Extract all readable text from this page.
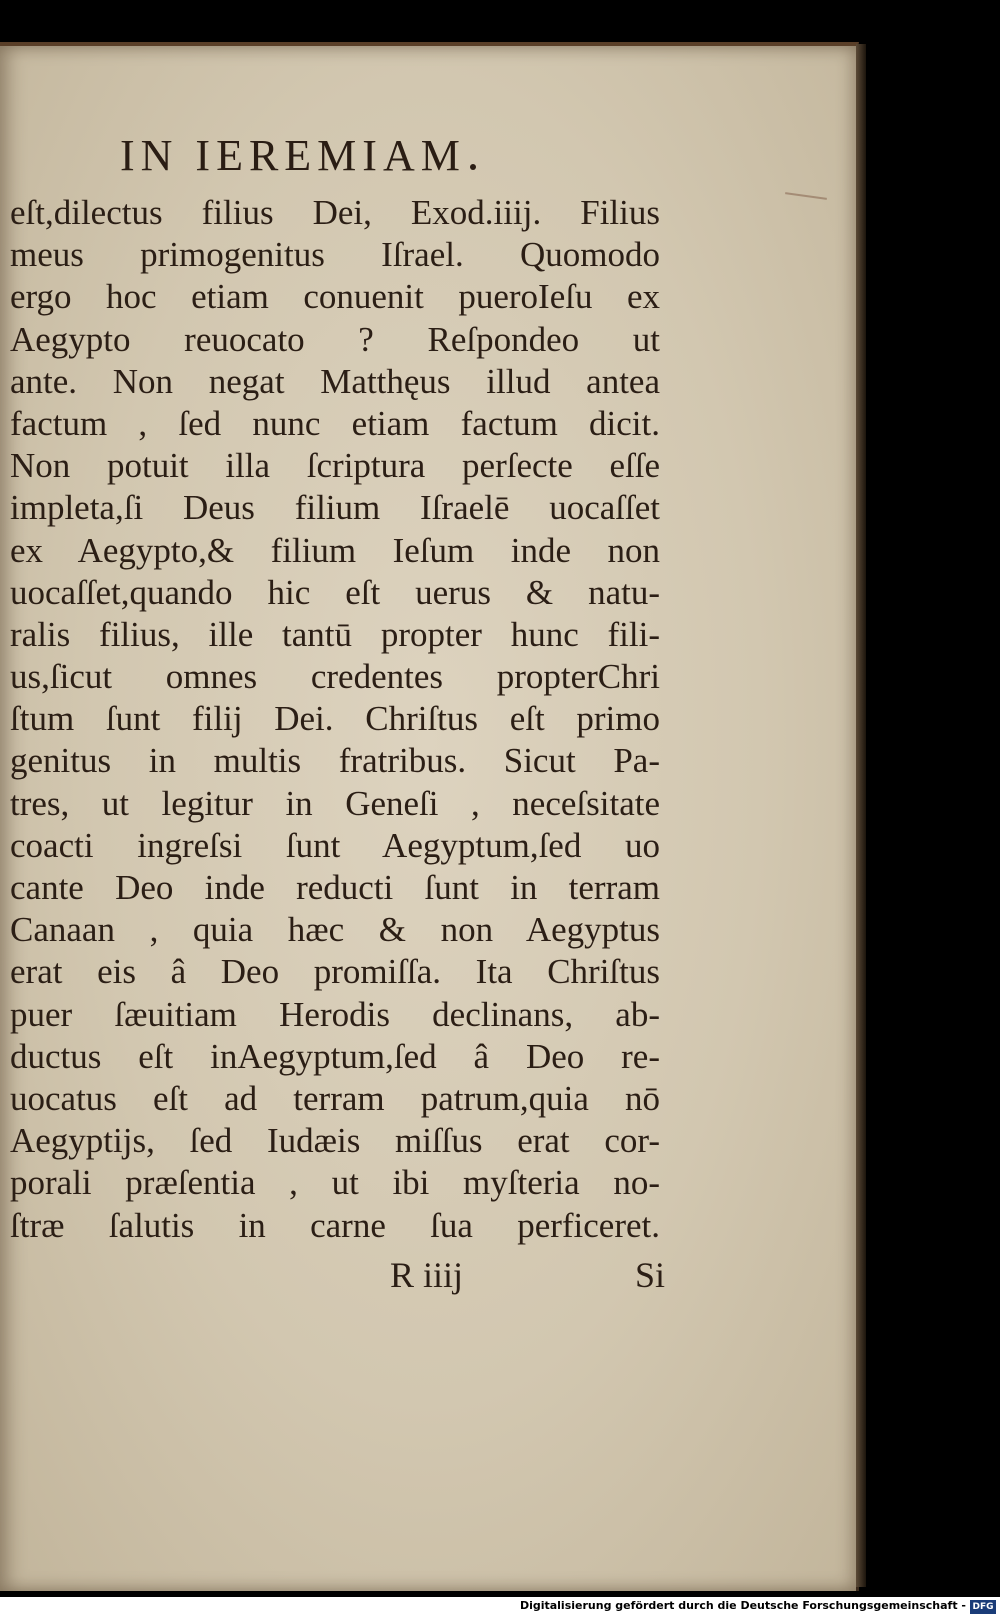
IN IEREMIAM
eſt,dilectus filius Dei, Exod.iiij. Filius
meus primogenitus Iſrael. Quomodo
ergo hoc etiam conuenit pueroIeſu ex
Aegypto reuocato ? Reſpondeo ut
ante. Non negat Matthęus illud antea
factum , ſed nunc etiam factum dicit.
Non potuit illa ſcriptura perſecte eſſe
impleta,ſi Deus filium Iſraelē uocaſſet
ex Aegypto,& filium Ieſum inde non
uocaſſet,quando hic eſt uerus & natu-
ralis filius, ille tantū propter hunc fili-
us,ſicut omnes credentes propterChri
ſtum ſunt filij Dei. Chriſtus eſt primo
genitus in multis fratribus. Sicut Pa-
tres, ut legitur in Geneſi , neceſsitate
coacti ingreſsi ſunt Aegyptum,ſed uo
cante Deo inde reducti ſunt in terram
Canaan , quia hæc & non Aegyptus
erat eis â Deo promiſſa. Ita Chriſtus
puer ſæuitiam Herodis declinans, ab-
ductus eſt inAegyptum,ſed â Deo re-
uocatus eſt ad terram patrum,quia nō
Aegyptijs, ſed Iudæis miſſus erat cor-
porali præſentia , ut ibi myſteria no-
ſtræ ſalutis in carne ſua perficeret.
R iiij	Si
Digitalisierung gefördert durch die Deutsche Forschungsgemeinschaft - DFG
